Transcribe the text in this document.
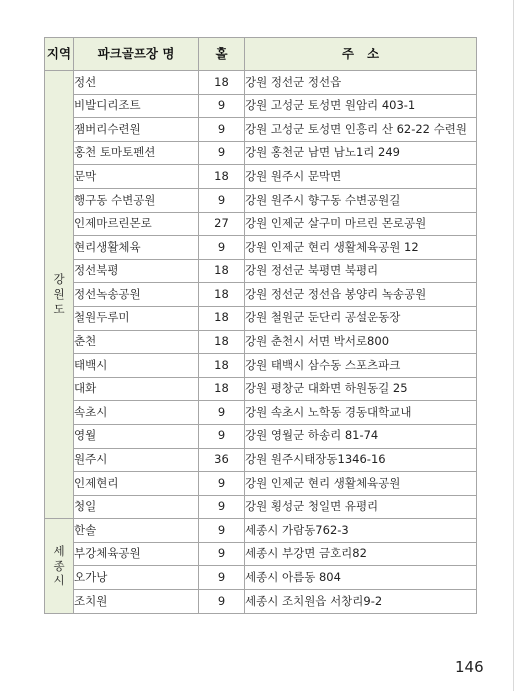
지역	파크골프장 명	홀	주   소

강
원
도	정선	18	강원 정선군 정선읍
	비발디리조트	9	강원 고성군 토성면 원암리 403-1
	잼버리수련원	9	강원 고성군 토성면 인흥리 산 62-22 수련원
	홍천 토마토펜션	9	강원 홍천군 남면 남노1리 249
	문막	18	강원 원주시 문막면
	행구동 수변공원	9	강원 원주시 향구동 수변공원길
	인제마르린몬로	27	강원 인제군 살구미 마르린 몬로공원
	현리생활체육	9	강원 인제군 현리 생활체육공원 12
	정선북평	18	강원 정선군 북평면 북평리
	정선녹송공원	18	강원 정선군 정선읍 봉양리 녹송공원
	철원두루미	18	강원 철원군 둔단리 공설운동장
	춘천	18	강원 춘천시 서면 박서로800
	태백시	18	강원 태백시 삼수동 스포츠파크
	대화	18	강원 평창군 대화면 하원동길 25
	속초시	9	강원 속초시 노학동 경동대학교내
	영월	9	강원 영월군 하송리 81-74
	원주시	36	강원 원주시태장동1346-16
	인제현리	9	강원 인제군 현리 생활체육공원
	청일	9	강원 횡성군 청일면 유평리

세
종
시	한솔	9	세종시 가람동762-3
	부강체육공원	9	세종시 부강면 금호리82
	오가낭	9	세종시 아름동 804
	조치원	9	세종시 조치원읍 서창리9-2
146
